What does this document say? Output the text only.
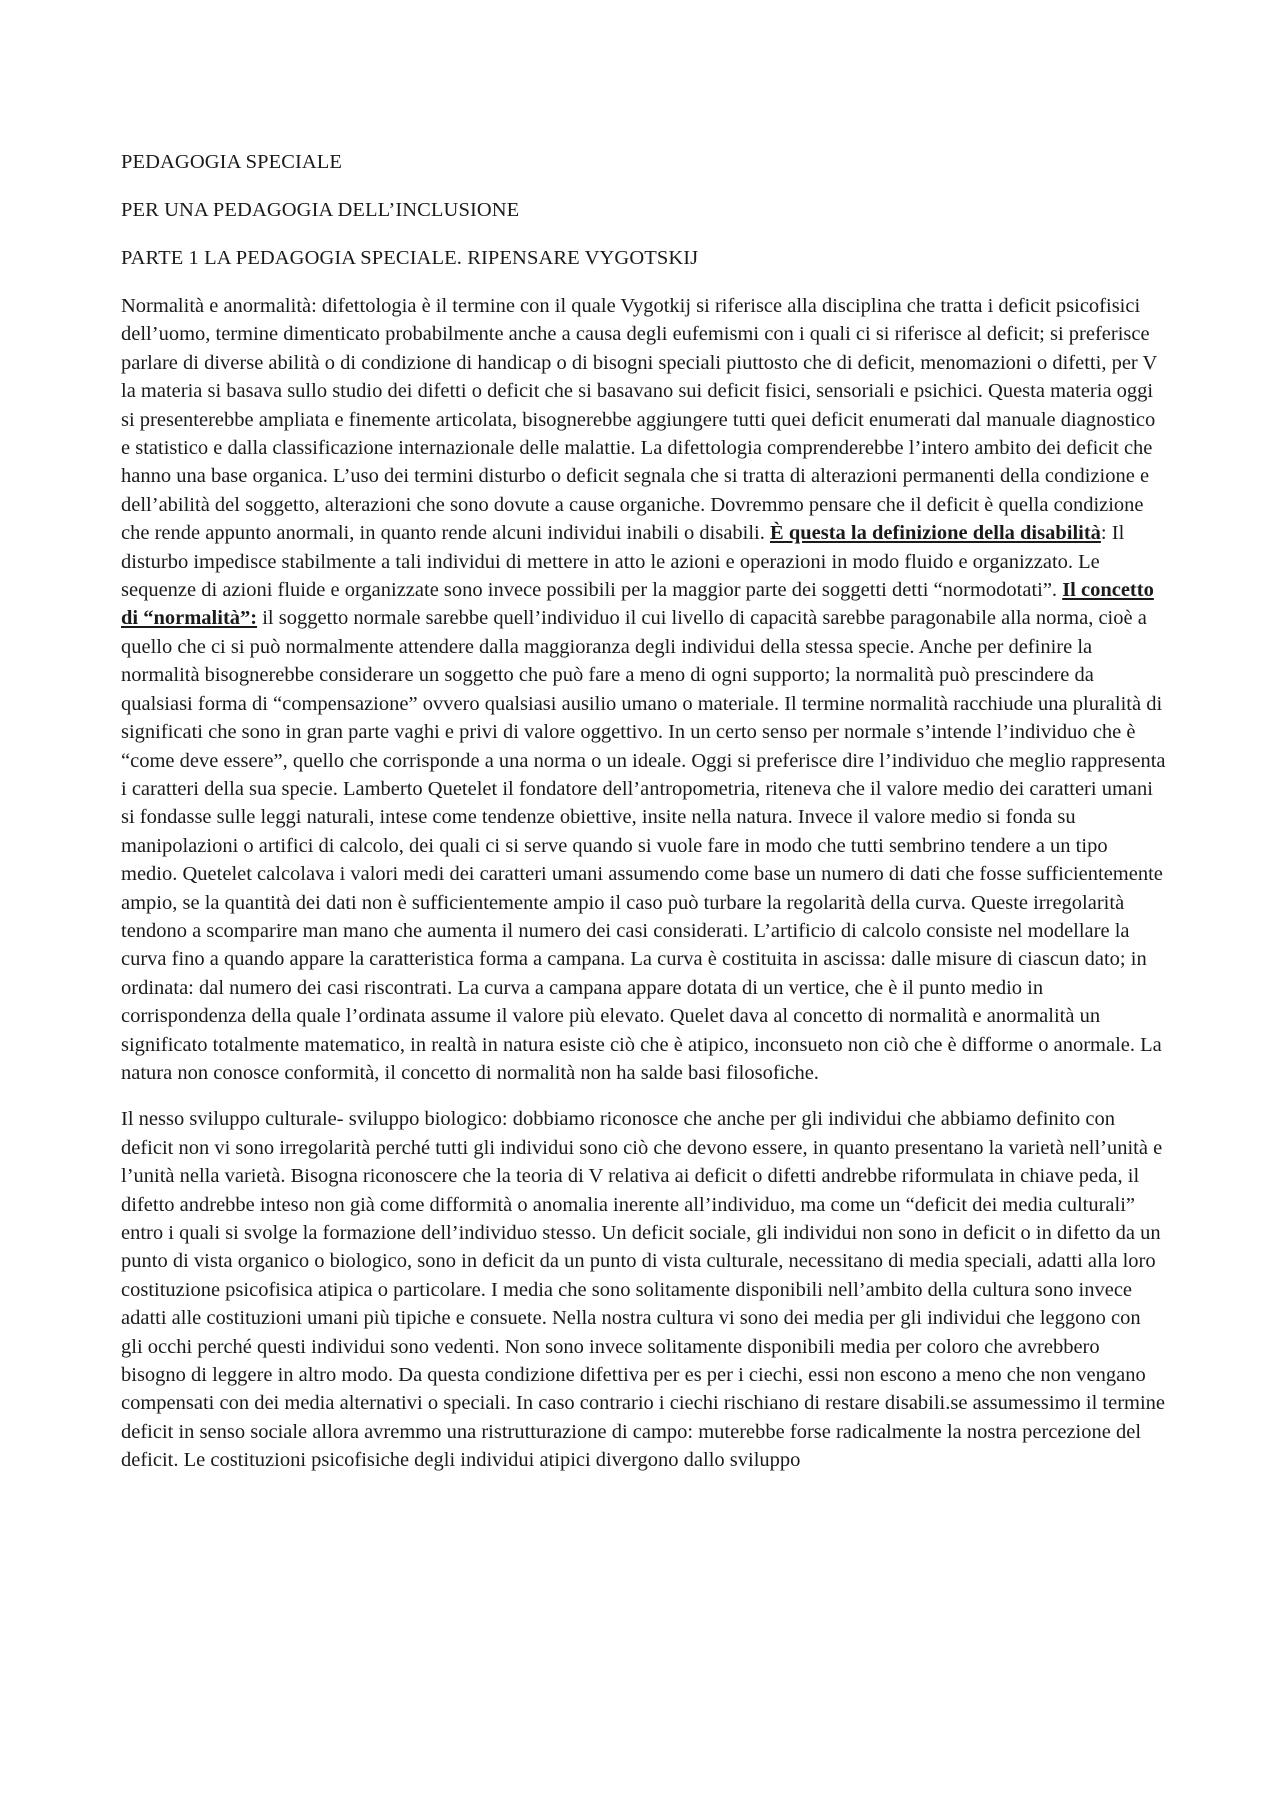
PEDAGOGIA SPECIALE
PER UNA PEDAGOGIA DELL’INCLUSIONE
PARTE 1 LA PEDAGOGIA SPECIALE. RIPENSARE VYGOTSKIJ

Normalità e anormalità: difettologia è il termine con il quale Vygotkij si riferisce alla disciplina che tratta i deficit psicofisici dell’uomo, termine dimenticato probabilmente anche a causa degli eufemismi con i quali ci si riferisce al deficit; si preferisce parlare di diverse abilità o di condizione di handicap o di bisogni speciali piuttosto che di deficit, menomazioni o difetti, per V la materia si basava sullo studio dei difetti o deficit che si basavano sui deficit fisici, sensoriali e psichici. Questa materia oggi si presenterebbe ampliata e finemente articolata, bisognerebbe aggiungere tutti quei deficit enumerati dal manuale diagnostico e statistico e dalla classificazione internazionale delle malattie. La difettologia comprenderebbe l’intero ambito dei deficit che hanno una base organica. L’uso dei termini disturbo o deficit segnala che si tratta di alterazioni permanenti della condizione e dell’abilità del soggetto, alterazioni che sono dovute a cause organiche. Dovremmo pensare che il deficit è quella condizione che rende appunto anormali, in quanto rende alcuni individui inabili o disabili. È questa la definizione della disabilità: Il disturbo impedisce stabilmente a tali individui di mettere in atto le azioni e operazioni in modo fluido e organizzato. Le sequenze di azioni fluide e organizzate sono invece possibili per la maggior parte dei soggetti detti “normodotati”. Il concetto di “normalità”: il soggetto normale sarebbe quell’individuo il cui livello di capacità sarebbe paragonabile alla norma, cioè a quello che ci si può normalmente attendere dalla maggioranza degli individui della stessa specie. Anche per definire la normalità bisognerebbe considerare un soggetto che può fare a meno di ogni supporto; la normalità può prescindere da qualsiasi forma di “compensazione” ovvero qualsiasi ausilio umano o materiale. Il termine normalità racchiude una pluralità di significati che sono in gran parte vaghi e privi di valore oggettivo. In un certo senso per normale s’intende l’individuo che è “come deve essere”, quello che corrisponde a una norma o un ideale. Oggi si preferisce dire l’individuo che meglio rappresenta i caratteri della sua specie. Lamberto Quetelet il fondatore dell’antropometria, riteneva che il valore medio dei caratteri umani si fondasse sulle leggi naturali, intese come tendenze obiettive, insite nella natura. Invece il valore medio si fonda su manipolazioni o artifici di calcolo, dei quali ci si serve quando si vuole fare in modo che tutti sembrino tendere a un tipo medio. Quetelet calcolava i valori medi dei caratteri umani assumendo come base un numero di dati che fosse sufficientemente ampio, se la quantità dei dati non è sufficientemente ampio il caso può turbare la regolarità della curva. Queste irregolarità tendono a scomparire man mano che aumenta il numero dei casi considerati. L’artificio di calcolo consiste nel modellare la curva fino a quando appare la caratteristica forma a campana. La curva è costituita in ascissa: dalle misure di ciascun dato; in ordinata: dal numero dei casi riscontrati. La curva a campana appare dotata di un vertice, che è il punto medio in corrispondenza della quale l’ordinata assume il valore più elevato. Quelet dava al concetto di normalità e anormalità un significato totalmente matematico, in realtà in natura esiste ciò che è atipico, inconsueto non ciò che è difforme o anormale. La natura non conosce conformità, il concetto di normalità non ha salde basi filosofiche.

Il nesso sviluppo culturale- sviluppo biologico: dobbiamo riconosce che anche per gli individui che abbiamo definito con deficit non vi sono irregolarità perché tutti gli individui sono ciò che devono essere, in quanto presentano la varietà nell’unità e l’unità nella varietà. Bisogna riconoscere che la teoria di V relativa ai deficit o difetti andrebbe riformulata in chiave peda, il difetto andrebbe inteso non già come difformità o anomalia inerente all’individuo, ma come un “deficit dei media culturali” entro i quali si svolge la formazione dell’individuo stesso. Un deficit sociale, gli individui non sono in deficit o in difetto da un punto di vista organico o biologico, sono in deficit da un punto di vista culturale, necessitano di media speciali, adatti alla loro costituzione psicofisica atipica o particolare. I media che sono solitamente disponibili nell’ambito della cultura sono invece adatti alle costituzioni umani più tipiche e consuete. Nella nostra cultura vi sono dei media per gli individui che leggono con gli occhi perché questi individui sono vedenti. Non sono invece solitamente disponibili media per coloro che avrebbero bisogno di leggere in altro modo. Da questa condizione difettiva per es per i ciechi, essi non escono a meno che non vengano compensati con dei media alternativi o speciali. In caso contrario i ciechi rischiano di restare disabili.se assumessimo il termine deficit in senso sociale allora avremmo una ristrutturazione di campo: muterebbe forse radicalmente la nostra percezione del deficit. Le costituzioni psicofisiche degli individui atipici divergono dallo sviluppo
